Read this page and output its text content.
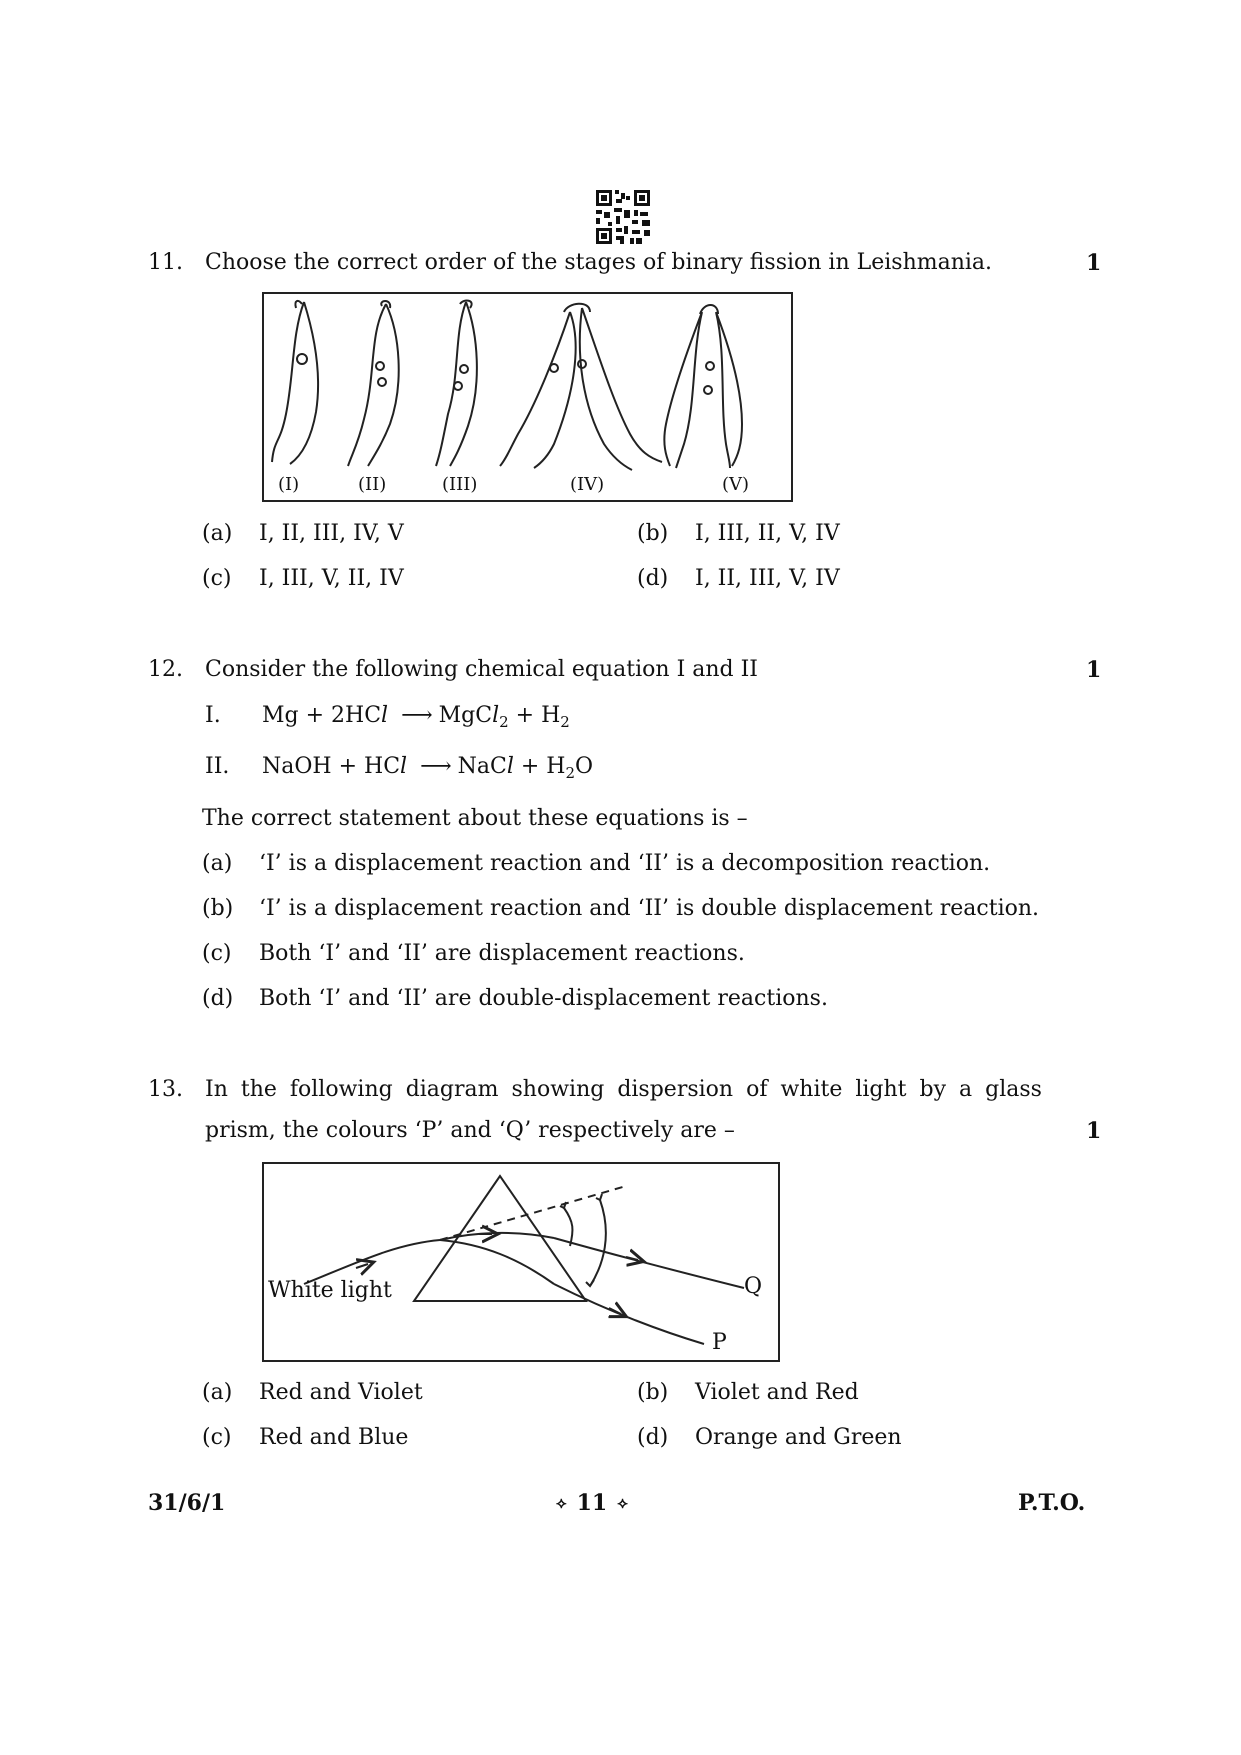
11. Choose the correct order of the stages of binary fission in Leishmania.	1
(I)	(II)	(III)	(IV)	(V)
(a) I, II, III, IV, V	(b) I, III, II, V, IV
(c) I, III, V, II, IV	(d) I, II, III, V, IV
12. Consider the following chemical equation I and II	1
I. Mg + 2HCl ⟶ MgCl$_2$ + $H_2$
II. NaOH + HCl ⟶ NaCl + $H_2O$
The correct statement about these equations is –
(a) ‘I’ is a displacement reaction and ‘II’ is a decomposition reaction.
(b) ‘I’ is a displacement reaction and ‘II’ is double displacement reaction.
(c) Both ‘I’ and ‘II’ are displacement reactions.
(d) Both ‘I’ and ‘II’ are double-displacement reactions.
13. In the following diagram showing dispersion of white light by a glass
prism, the colours ‘P’ and ‘Q’ respectively are –	1
White light	Q
P
(a) Red and Violet	(b) Violet and Red
(c) Red and Blue	(d) Orange and Green
31/6/1	⟡ 11 ⟡	P.T.O.
